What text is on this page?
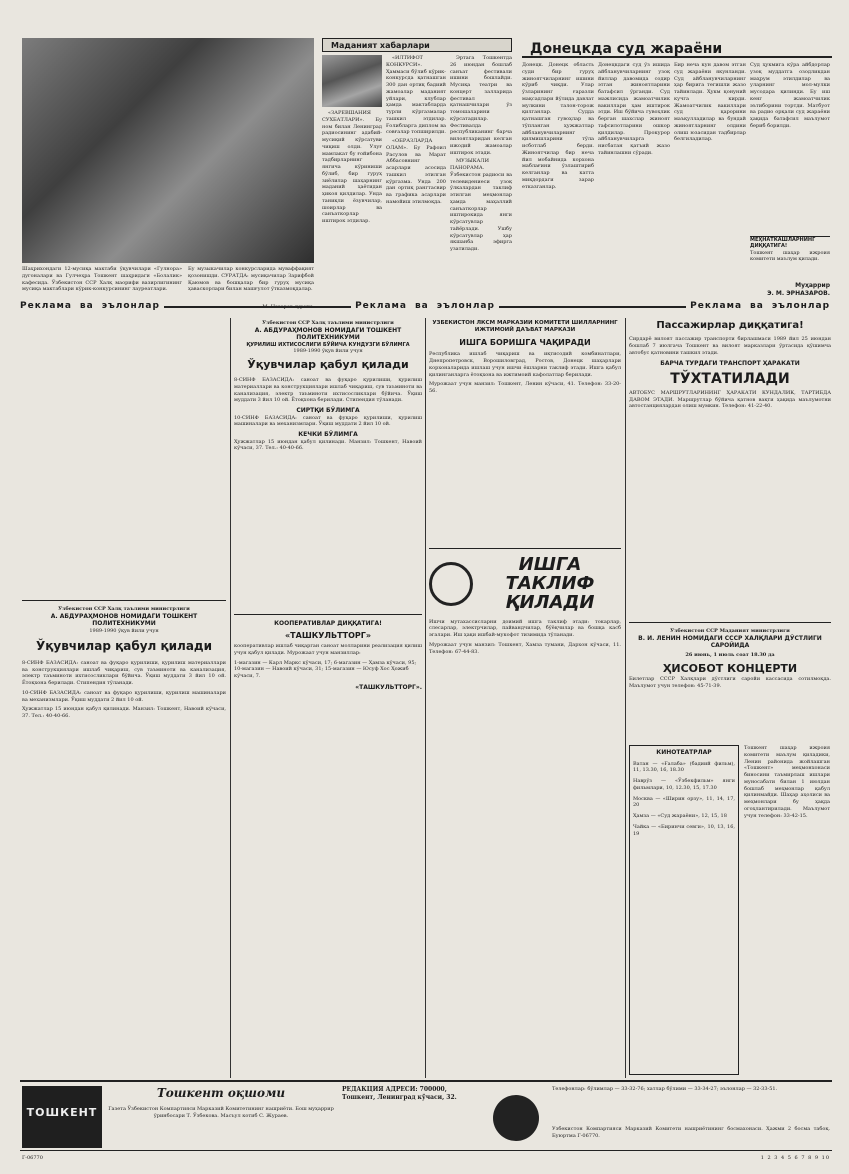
Шаҳрихондаги 12-мусиқа мактаби ўқувчилари «Гулнора» дугоналари ва Гулчеҳра Тошкент шаҳридаги «Болалик» кафесида. Ўзбекистон ССР Халқ маорифи вазирлигининг мусиқа мактаблари кўрик-конкурсининг лауреатлари.
Бу музыкачилар конкурсларида муваффақият қозонишди. СУРАТДА: мусиқачилар Зарифбой Қаюмов ва бошқалар бир гуруҳ мусиқа ҳаваскорлари билан машғулот ўтказмоқдалар.
Маданият хабарлари

«ЗАРЕВШАНИЯ СУХБАТЛАРИ». Бу ном билан Ленинград радиосининг адабий-мусиқий кўрсатуви чиқиш олди. Улуғ мамлакат бу ғойибона тадбирларнинг янгича кўриниши бўлиб, бир гуруҳ зиёлилар шаҳарнинг маданий ҳаётидан ҳикоя қилдилар. Унда таниқли ёзувчилар, шоирлар ва санъаткорлар иштирок этдилар.

«ИЛТИФОТ КОНКУРСИ». Ҳаммаси бўлиб кўрик-конкурсда қатнашган 300 дан ортиқ бадиий жамоалар маданият уйлари, клублар ҳамда мактабларда турли кўргазмалар ташкил этдилар. Ғолибларга диплом ва совғалар топширилди.

«ОБРАЗЛАРДА ОЛАМ». Бу Рафоил Расулов ва Марат Аббасовнинг асарлари асосида ташкил этилган кўргазма. Унда 200 дан ортиқ рангтасвир ва графика асарлари намойиш этилмоқда.

Эртага Тошкентда 26 июндан бошлаб санъат фестивали ишини бошлайди. Мусиқа театри ва концерт залларида фестивал қатнашчилари ўз томошаларини кўрсатадилар. Фестивалда республиканинг барча вилоятларидан келган ижодий жамоалар иштирок этади.

МУЗЫКАЛИ ПАНОРАМА. Ўзбекистон радиоси ва телевидениеси узоқ ўлкалардан таклиф этилган меҳмонлар ҳамда маҳаллий санъаткорлар иштирокида янги кўрсатувлар тайёрлади. Ушбу кўрсатувлар ҳар якшанба эфирга узатилади.

Донецкда суд жараёни
Донецк. Донецк область суди бир гуруҳ жиноятчиларнинг ишини кўриб чиқди. Улар ўзларининг ғаразли мақсадлари йўлида давлат мулкини талон-торож қилганлар. Судда қатнашган гувоҳлар ва тўпланган ҳужжатлар айбланувчиларнинг қилмишларини тўла исботлаб берди. Жиноятчилар бир неча йил мобайнида корхона маблағини ўзлаштириб келганлар ва катта миқдордаги зарар етказганлар.
Донецкдаги суд ўз ишида айбланувчиларнинг узоқ йиллар давомида содир этган жиноятларини батафсил ўрганди. Суд мажлисида жамоатчилик вакиллари ҳам иштирок этди. Иш бўйича гувоҳлик берган шахслар жиноят тафсилотларини ошкор қилдилар. Прокурор айбланувчиларга нисбатан қатъий жазо тайинлашни сўради.
Бир неча кун давом этган суд жараёни якунланди. Суд айбланувчиларнинг ҳар бирига тегишли жазо тайинлади. Ҳукм қонуний кучга кирди. Жамоатчилик вакиллари суд қарорини маъқулладилар ва бундай жиноятларнинг олдини олиш юзасидан тадбирлар белгиладилар.
Суд ҳукмига кўра айбдорлар узоқ муддатга озодликдан маҳрум этилдилар ва уларнинг мол-мулки мусодара қилинди. Бу иш кенг жамоатчилик эътиборини тортди. Матбуот ва радио орқали суд жараёни ҳақида батафсил маълумот бериб борилди.
МЕҲНАТКАШЛАРНИНГ ДИҚҚАТИГА!
Тошкент шаҳар ижроия комитети маълум қилади.
Муҳаррир
Э. М. ЭРНАЗАРОВ.
Реклама ва эълонлар	Реклама ва эълонлар	Реклама ва эълонлар
Ўзбекистон ССР Халқ таълими министрлиги
А. АБДУРАҲМОНОВ НОМИДАГИ ТОШКЕНТ ПОЛИТЕХНИКУМИ
1989-1990 ўқув йили учун
Ўқувчилар қабул қилади
8-СИНФ БАЗАСИДА: саноат ва фуқаро қурилиши, қурилиш материаллари ва конструкциялари ишлаб чиқариш, сув таъминоти ва канализация, электр таъминоти ихтисосликлари бўйича. Ўқиш муддати 3 йил 10 ой. Ётоқхона берилади. Стипендия тўланади.
10-СИНФ БАЗАСИДА: саноат ва фуқаро қурилиши, қурилиш машиналари ва механизмлари. Ўқиш муддати 2 йил 10 ой.
Ҳужжатлар 15 июндан қабул қилинади. Манзил: Тошкент, Навоий кўчаси, 37. Тел.: 40-40-66.
Ўзбекистон ССР Халқ таълими министрлиги
А. АБДУРАҲМОНОВ НОМИДАГИ ТОШКЕНТ ПОЛИТЕХНИКУМИ
ҚУРИЛИШ ИХТИСОСЛИГИ БЎЙИЧА КУНДУЗГИ БЎЛИМГА
1989-1990 ўқув йили учун
Ўқувчилар қабул қилади
8-СИНФ БАЗАСИДА: саноат ва фуқаро қурилиши, қурилиш материаллари ва конструкциялари ишлаб чиқариш, сув таъминоти ва канализация, электр таъминоти ихтисосликлари бўйича. Ўқиш муддати 3 йил 10 ой. Ётоқхона берилади. Стипендия тўланади.
СИРТҚИ БЎЛИМГА
10-СИНФ БАЗАСИДА: саноат ва фуқаро қурилиши, қурилиш машиналари ва механизмлари. Ўқиш муддати 2 йил 10 ой.
КЕЧКИ БЎЛИМГА
Ҳужжатлар 15 июндан қабул қилинади. Манзил: Тошкент, Навоий кўчаси, 37. Тел.: 40-40-66.
КООПЕРАТИВЛАР ДИҚҚАТИГА!
«ТАШКУЛЬТТОРГ»
кооперативлар ишлаб чиқарган саноат молларини реализация қилиш учун қабул қилади. Мурожаат учун манзиллар:
1-магазин — Карл Маркс кўчаси, 17; 6-магазин — Ҳамза кўчаси, 95; 10-магазин — Навоий кўчаси, 31; 15-магазин — Юсуф Хос Ҳожиб кўчаси, 7.
«ТАШКУЛЬТТОРГ».
ЎЗБЕКИСТОН ЛКСМ МАРКАЗИЙ КОМИТЕТИ ШИЛЛАРНИНГ ИЖТИМОИЙ ДАЪВАТ МАРКАЗИ
ИШГА БОРИШГА ЧАҚИРАДИ
Республика ишлаб чиқариш ва иқтисодий комбинатлари, Днепропетровск, Ворошиловград, Ростов, Донецк шаҳарлари корхоналарида ишлаш учун ишчи ёшларни таклиф этади. Ишга қабул қилинганларга ётоқхона ва ижтимоий кафолатлар берилади.
Мурожаат учун манзил: Тошкент, Ленин кўчаси, 41. Телефон: 33-20-56.
ИШГА ТАКЛИФ ҚИЛАДИ
Ишчи мутахассисларни доимий ишга таклиф этади: токарлар, слесарлар, электрчилар, пайвандчилар, бўёқчилар ва бошқа касб эгалари. Иш ҳақи ишбай-мукофот тизимида тўланади.
Мурожаат учун манзил: Тошкент, Хамза тумани, Дархон кўчаси, 11. Телефон: 67-44-83.
Пассажирлар диққатига!
Сирдарё вилоят пассажир транспорти бирлашмаси 1989 йил 25 июндан бошлаб 7 июлгача Тошкент ва вилоят марказлари ўртасида қўшимча автобус қатновини ташкил этади.
БАРЧА ТУРДАГИ ТРАНСПОРТ ҲАРАКАТИ
ТЎХТАТИЛАДИ
АВТОБУС МАРШРУТЛАРИНИНГ ҲАРАКАТИ КУНДАЛИК, ТАРТИБДА ДАВОМ ЭТАДИ. Маршрутлар бўйича қатнов вақти ҳақида маълумотни автостанциялардан олиш мумкин. Телефон: 41-22-40.
Ўзбекистон ССР Маданият министрлиги
В. И. ЛЕНИН НОМИДАГИ СССР ХАЛҚЛАРИ ДЎСТЛИГИ САРОЙИДА
26 июнь, 1 июль соат 18.30 да
ҲИСОБОТ КОНЦЕРТИ
Билетлар СССР Халқлари дўстлиги саройи кассасида сотилмоқда. Маълумот учун телефон: 45-71-39.
КИНОТЕАТРЛАР
Ватан — «Ғалаба» (бадиий фильм), 11, 13.30, 16, 18.30
Наврўз — «Ўзбекфильм» янги фильмлари, 10, 12.30, 15, 17.30
Москва — «Ширин орзу», 11, 14, 17, 20
Ҳамза — «Суд жараёни», 12, 15, 18
Чайка — «Биринчи севги», 10, 13, 16, 19
Тошкент шаҳар ижроия комитети маълум қиладики, Ленин районида жойлашган «Тошкент» меҳмонхонаси биносини таъмирлаш ишлари муносабати билан 1 июлдан бошлаб меҳмонлар қабул қилинмайди. Шаҳар аҳолиси ва меҳмонлари бу ҳақда огоҳлантирилади. Маълумот учун телефон: 33-42-15.
ТОШКЕНТ
Тошкент оқшоми
Газета Ўзбекистон Компартияси Марказий Комитетининг нашриёти. Бош муҳаррир ўринбосари Т. Ўзбекова. Масъул котиб С. Жураев.
РЕДАКЦИЯ АДРЕСИ: 700000, Тошкент, Ленинград кўчаси, 32.
Телефонлар: бўлимлар — 33-32-76; хатлар бўлими — 33-34-27; эълонлар — 32-33-51.
Ўзбекистон Компартияси Марказий Комитети нашриётининг босмахонаси. Ҳажми 2 босма табоқ. Буюртма Г-06770.
Г-06770	1 2 3 4 5 6 7 8 9 10
